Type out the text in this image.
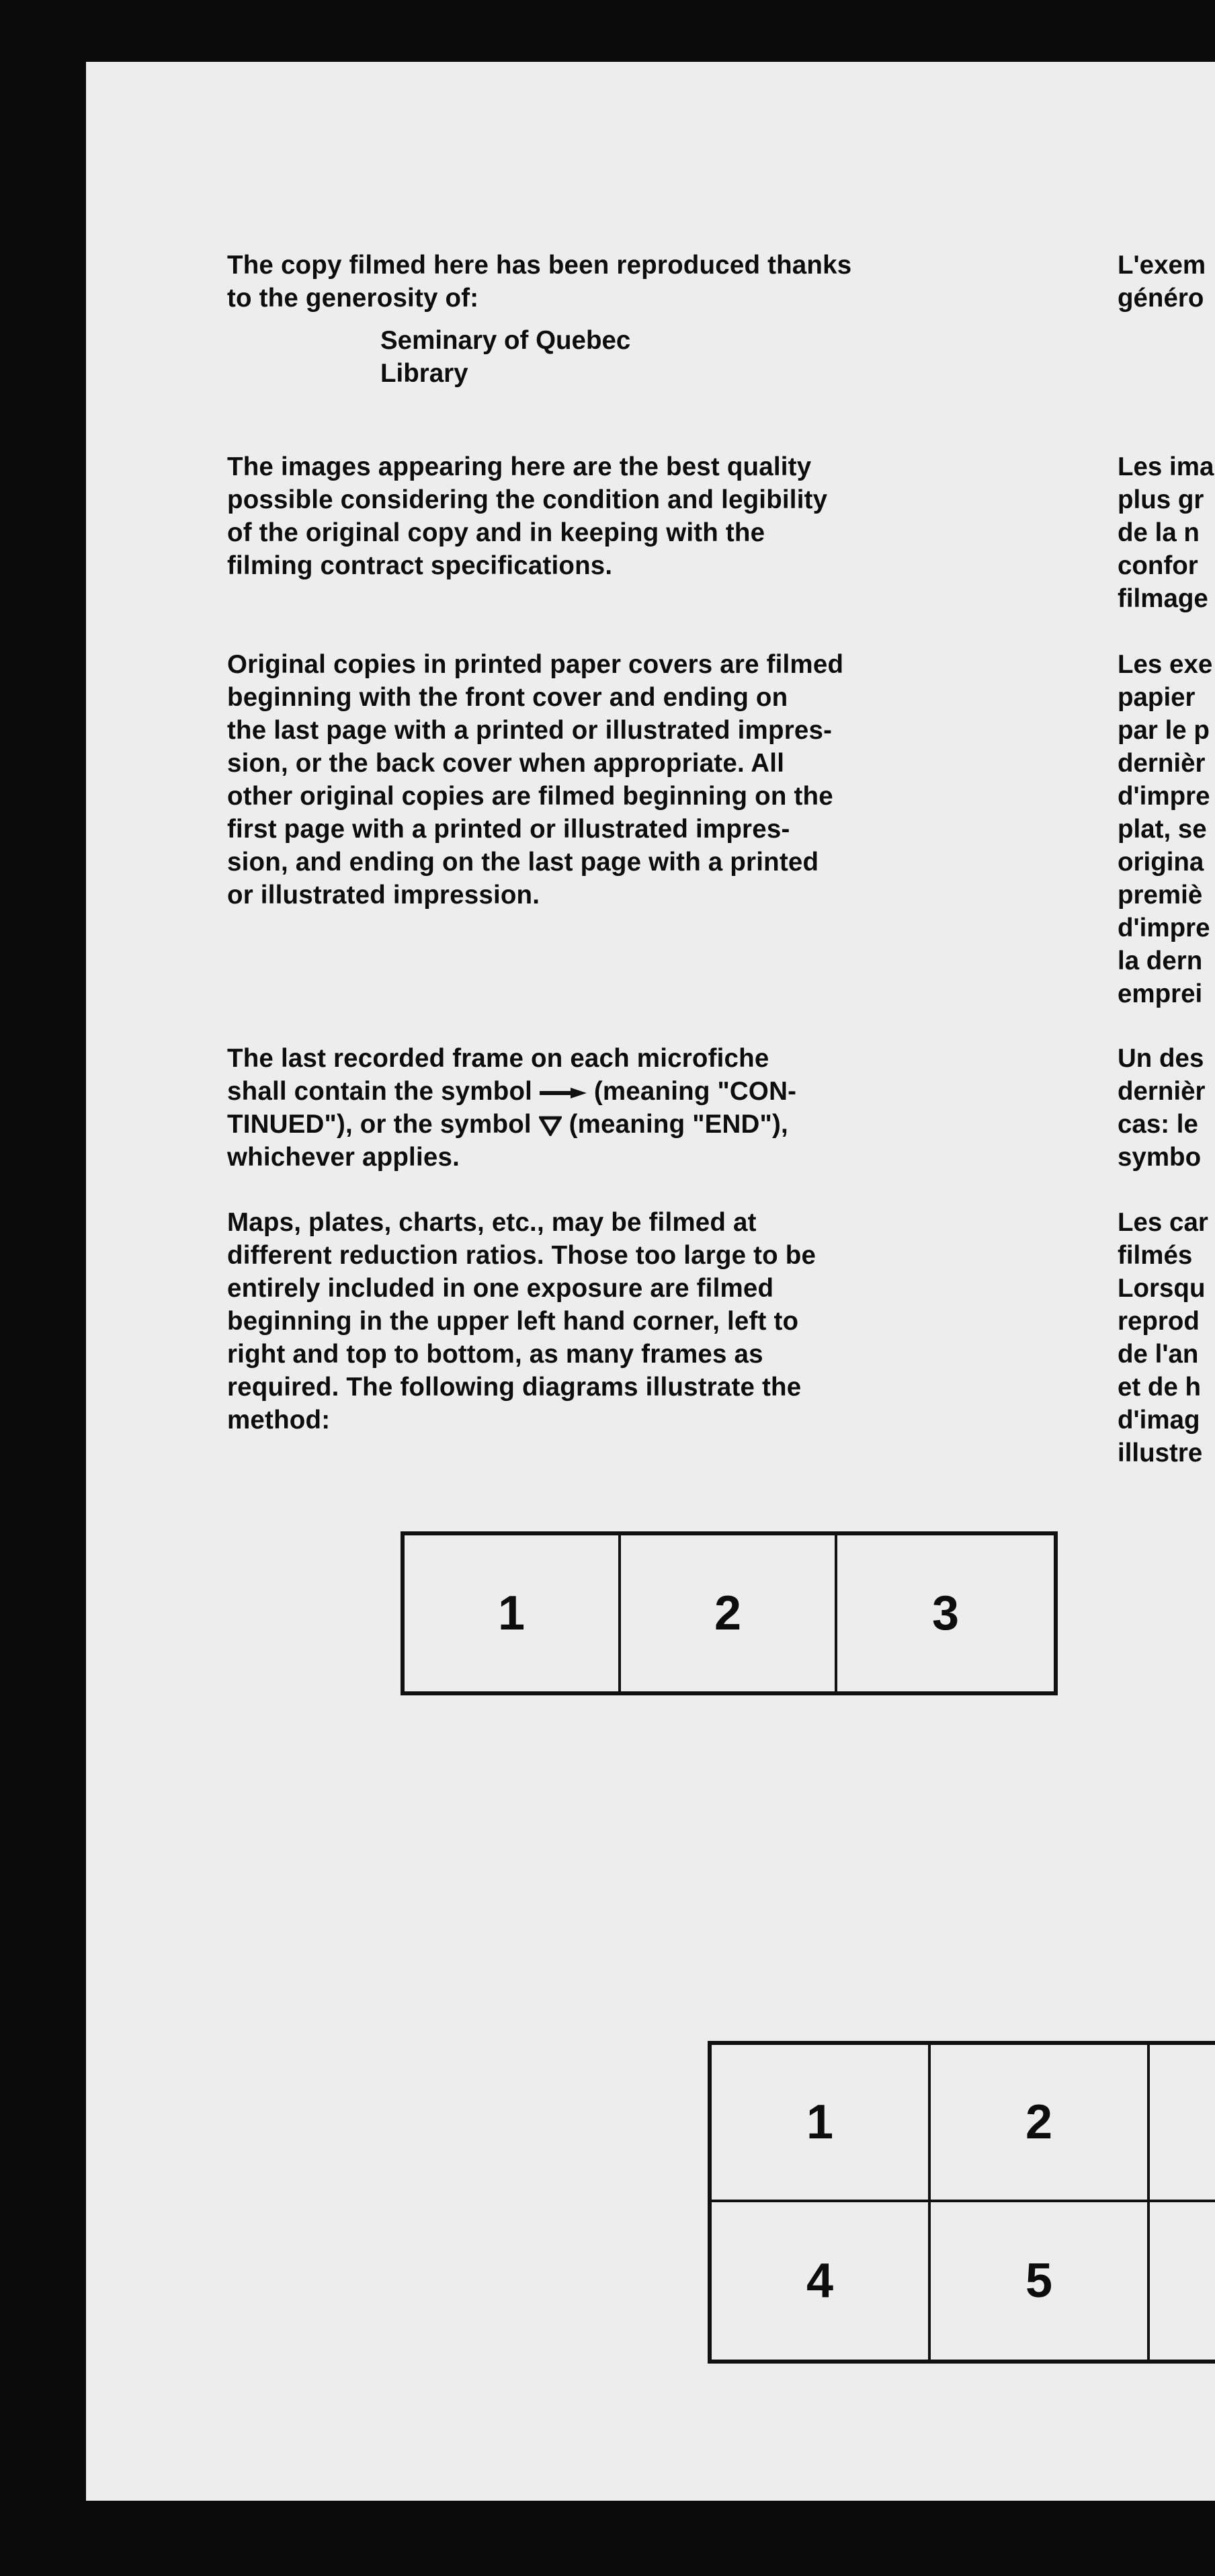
The copy filmed here has been reproduced thanks
to the generosity of:
Seminary of Quebec
Library
The images appearing here are the best quality
possible considering the condition and legibility
of the original copy and in keeping with the
filming contract specifications.
Original copies in printed paper covers are filmed
beginning with the front cover and ending on
the last page with a printed or illustrated impres-
sion, or the back cover when appropriate. All
other original copies are filmed beginning on the
first page with a printed or illustrated impres-
sion, and ending on the last page with a printed
or illustrated impression.
The last recorded frame on each microfiche
shall contain the symbol  (meaning "CON-
TINUED"), or the symbol  (meaning "END"),
whichever applies.
Maps, plates, charts, etc., may be filmed at
different reduction ratios. Those too large to be
entirely included in one exposure are filmed
beginning in the upper left hand corner, left to
right and top to bottom, as many frames as
required. The following diagrams illustrate the
method:
L'exem
généro
Les ima
plus gr
de la n
confor
filmage
Les exe
papier
par le p
dernièr
d'impre
plat, se
origina
premiè
d'impre
la dern
emprei
Un des
dernièr
cas: le
symbo
Les car
filmés
Lorsqu
reprod
de l'an
et de h
d'imag
illustre
1	2	3
1	2
4	5
